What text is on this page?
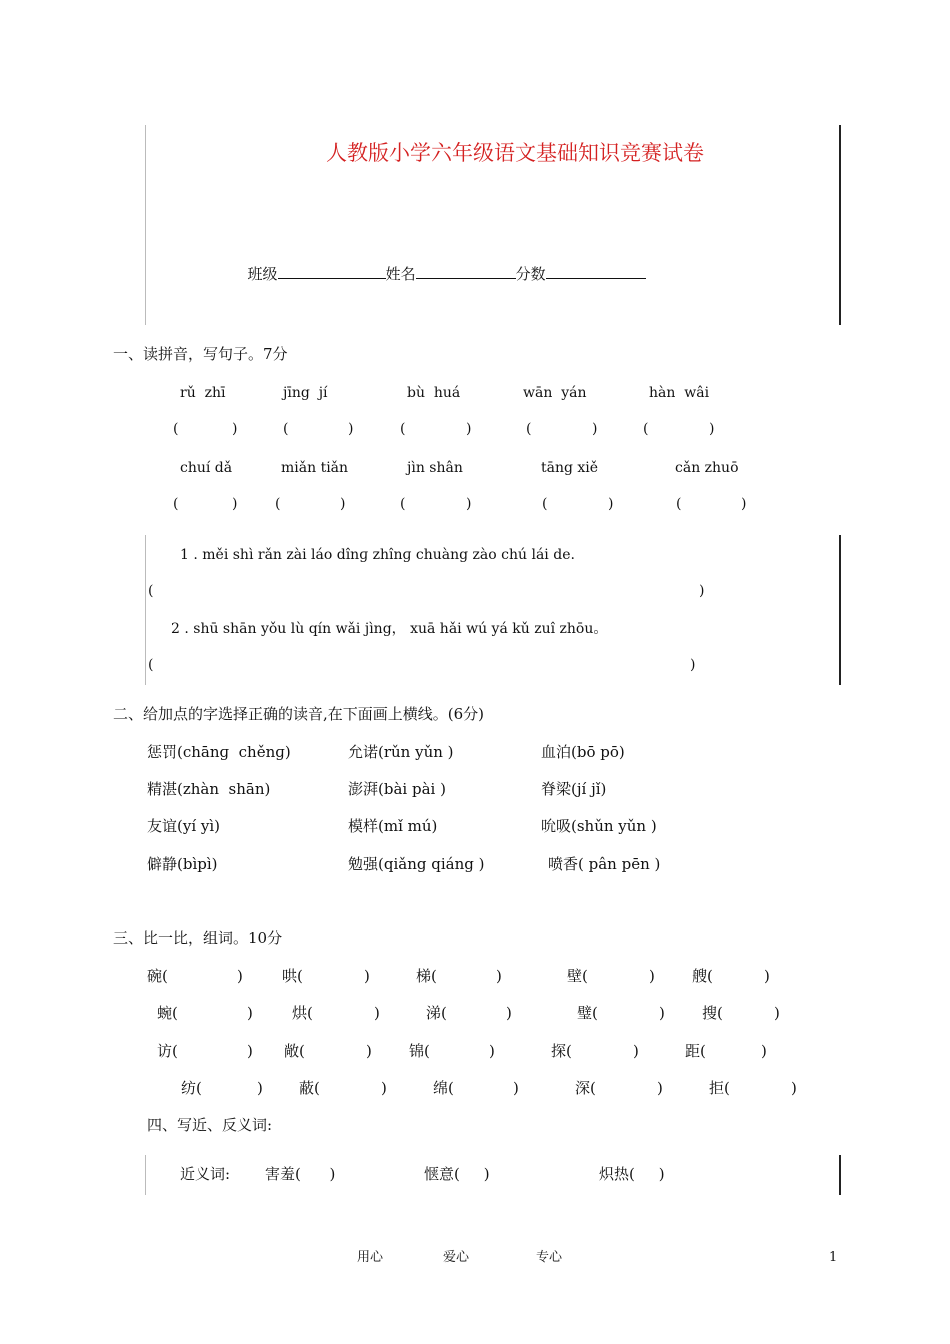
人教版小学六年级语文基础知识竞赛试卷

班级	姓名	分数

一、读拼音，写句子。7分
rǔ  zhī	jīng  jí	bù  huá	wān  yán	hàn  wâi
(	)	(	)	(	)	(	)	(	)
chuí dǎ	miǎn tiǎn	jìn shân	tāng xiě	cǎn zhuō
(	)	(	)	(	)	(	)	(	)
1 . měi shì rǎn zài láo dînɡ zhînɡ chuàng zào chú lái de.
(	)
2 . shū shān yǒu lù qín wǎi jìng， xuā hǎi wú yá kǔ zuî zhōu。
(	)
二、给加点的字选择正确的读音,在下面画上横线。(6分)
惩罚(chānɡ  chěnɡ)	允诺(rǔn yǔn )	血泊(bō pō)
精湛(zhàn  shān)	澎湃(bài pài )	脊梁(jí jǐ)
友谊(yí yì)	模样(mǐ mú)	吮吸(shǔn yǔn )
僻静(bìpì)	勉强(qiǎng qiáng )	喷香( pân pēn )
三、比一比，组词。10分
碗(	)	哄(	)	梯(	)	壁(	) 艘(	)
蜿(	)	烘(	)	涕(	)	璧(	) 搜(	)
访(	) 敞(	) 锦(	)	探(	)	距(	)
纺(	) 蔽(	)	绵(	)	深(	)	拒(	)
四、写近、反义词:
近义词: 害羞( )	惬意( )	炽热( )
用心	爱心	专心	1
